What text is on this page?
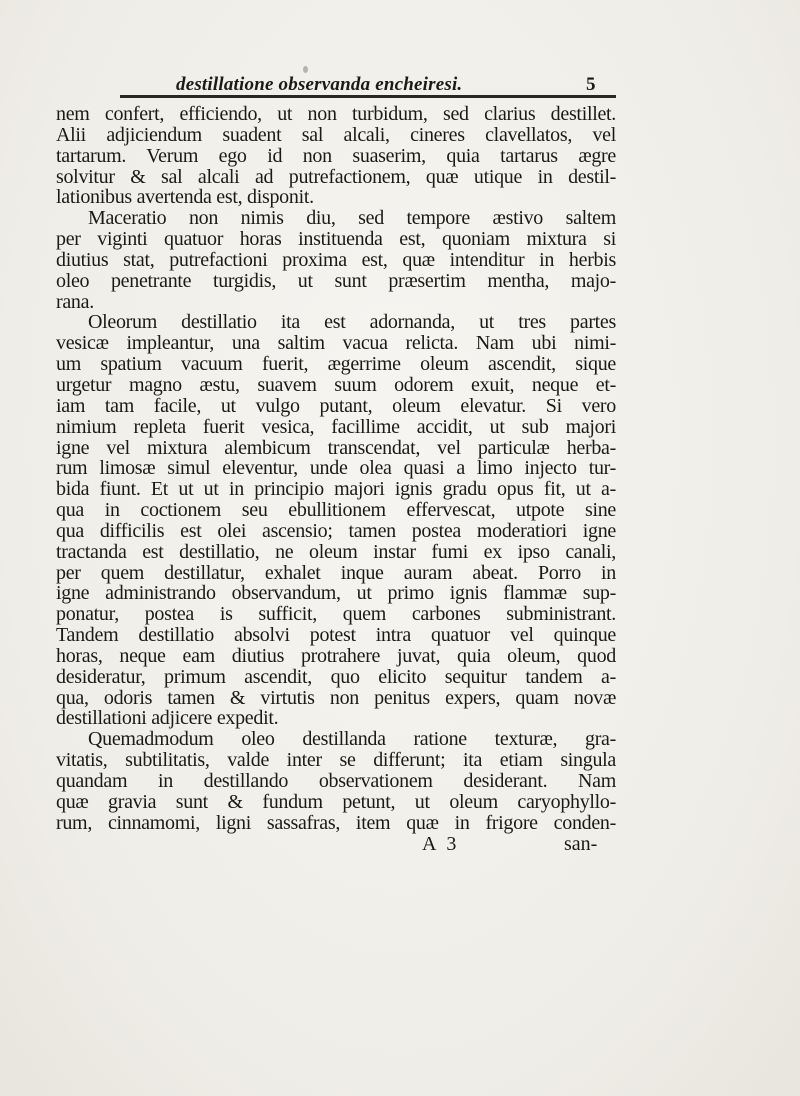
destillatione observanda encheiresi.	5
nem confert, efficiendo, ut non turbidum, sed clarius destillet.
Alii adjiciendum suadent sal alcali, cineres clavellatos, vel
tartarum. Verum ego id non suaserim, quia tartarus ægre
solvitur & sal alcali ad putrefactionem, quæ utique in destil-
lationibus avertenda est, disponit.
Maceratio non nimis diu, sed tempore æstivo saltem
per viginti quatuor horas instituenda est, quoniam mixtura si
diutius stat, putrefactioni proxima est, quæ intenditur in herbis
oleo penetrante turgidis, ut sunt præsertim mentha, majo-
rana.
Oleorum destillatio ita est adornanda, ut tres partes
vesicæ impleantur, una saltim vacua relicta. Nam ubi nimi-
um spatium vacuum fuerit, ægerrime oleum ascendit, sique
urgetur magno æstu, suavem suum odorem exuit, neque et-
iam tam facile, ut vulgo putant, oleum elevatur. Si vero
nimium repleta fuerit vesica, facillime accidit, ut sub majori
igne vel mixtura alembicum transcendat, vel particulæ herba-
rum limosæ simul eleventur, unde olea quasi a limo injecto tur-
bida fiunt. Et ut ut in principio majori ignis gradu opus fit, ut a-
qua in coctionem seu ebullitionem effervescat, utpote sine
qua difficilis est olei ascensio; tamen postea moderatiori igne
tractanda est destillatio, ne oleum instar fumi ex ipso canali,
per quem destillatur, exhalet inque auram abeat. Porro in
igne administrando observandum, ut primo ignis flammæ sup-
ponatur, postea is sufficit, quem carbones subministrant.
Tandem destillatio absolvi potest intra quatuor vel quinque
horas, neque eam diutius protrahere juvat, quia oleum, quod
desideratur, primum ascendit, quo elicito sequitur tandem a-
qua, odoris tamen & virtutis non penitus expers, quam novæ
destillationi adjicere expedit.
Quemadmodum oleo destillanda ratione texturæ, gra-
vitatis, subtilitatis, valde inter se differunt; ita etiam singula
quandam in destillando observationem desiderant. Nam
quæ gravia sunt & fundum petunt, ut oleum caryophyllo-
rum, cinnamomi, ligni sassafras, item quæ in frigore conden-
A 3	san-
